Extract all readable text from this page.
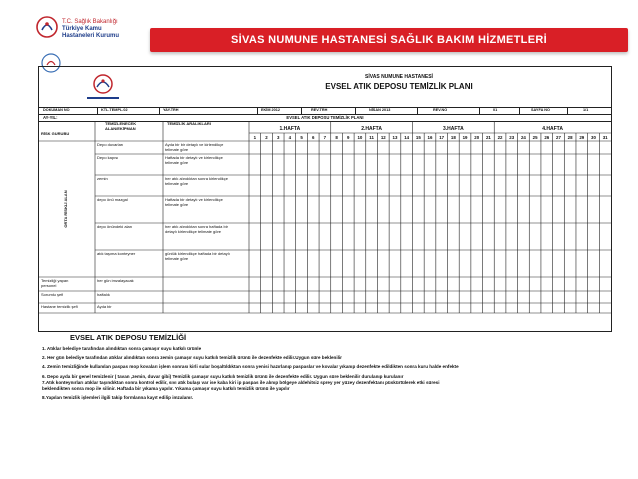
T.C. Sağlık Bakanlığı
Türkiye Kamu
Hastaneleri Kurumu	SİVAS NUMUNE HASTANESİ SAĞLIK BAKIM HİZMETLERİ
SİVAS NUMUNE HASTANESİ
EVSEL ATIK DEPOSU TEMİZLİK PLANI
DOKÜMAN NO	KTL.TEMPL.02	YAY.TRH	EKİM 2012	REV.TRH	NİSAN 2013	REV.NO	01	SAYFA NO	1/1
AY-YIL:	EVSEL ATIK DEPOSU TEMİZLİK PLANI
RİSK GURUBU
TEMİZLENECEK
ALAN/EKİPMAN
TEMİZLİK ARALIKLARI
1.HAFTA	2.HAFTA	3.HAFTA	4.HAFTA
1 2 3 4 5 6 7 8 9 10 11 12 13 14 15 16 17 18 19 20 21 22 23 24 25 26 27 28 29 30 31
Depo duvarları	Ayda bir bir detaylı ve kirlendikçe
telimate göre
Depo kapısı	Haftada bir detaylı ve kirlendikçe
telimate göre
zemin	her atık alındıktan sonra kirlendikçe
telimate göre
depo önü mazgal	Haftada bir detaylı ve kirlendikçe
telimate göre
depo önündeki alan	her atık alındıktan sonra haftada bir
detaylı kirlendikçe telimate göre
atık taşıma konteyner	günlük kirlendikçe haftada bir detaylı
telimate göre
ORTA RİSKLİ ALAN
Temizliği yapan
personel
her gün imzalayacak
Sorumlu şefi	haftalık
Hastane temizlik şefi	Ayda bir
EVSEL ATIK DEPOSU TEMİZLİĞİ
1. Atıklar belediye tarafından alındıktan sonra çamaşır suyu katkılı ürünle
2. Her gün belediye tarafından atıklar alındıktan sonra zemin çamaşır suyu katkılı temizlik ürünü ile dezenfekte edilir.Uygun süre beklenilir
4. Zemin temizliğinde kullanılan paspas mop kovaları işlem sonrası kirli sular boşaltıldıktan sonra yenisi hazırlanıp paspaslar ve kovalar yıkanıp dezenfekte edildikten sonra kuru halde enfekte
6. Depo ayda bir genel temizlenir ( tavan ,zemin, duvar gibi) Temizlik çamaşır suyu katkılı temizlik ürünü ile dezenfekte edilir. Uygun süre beklenilir durulanıp kurulanır
7.Atık konteynırları atıklar taşındıktan sonra kontrol edilir, sıvı atık bulaşı var ise kaba kiri ip paspas ile alınıp bölgeye aldehitsiz sprey yer yüzey dezenfektanı püskürtülerek etki süresi
beklendikten sonra mop ile silinir. Haftada bir yıkama yapılır. Yıkama çamaşır suyu katkılı temizlik ürünü ile yapılır
8.Yapılan temizlik işlemleri ilgili takip formlanna kayıt edilip imzalanır.
